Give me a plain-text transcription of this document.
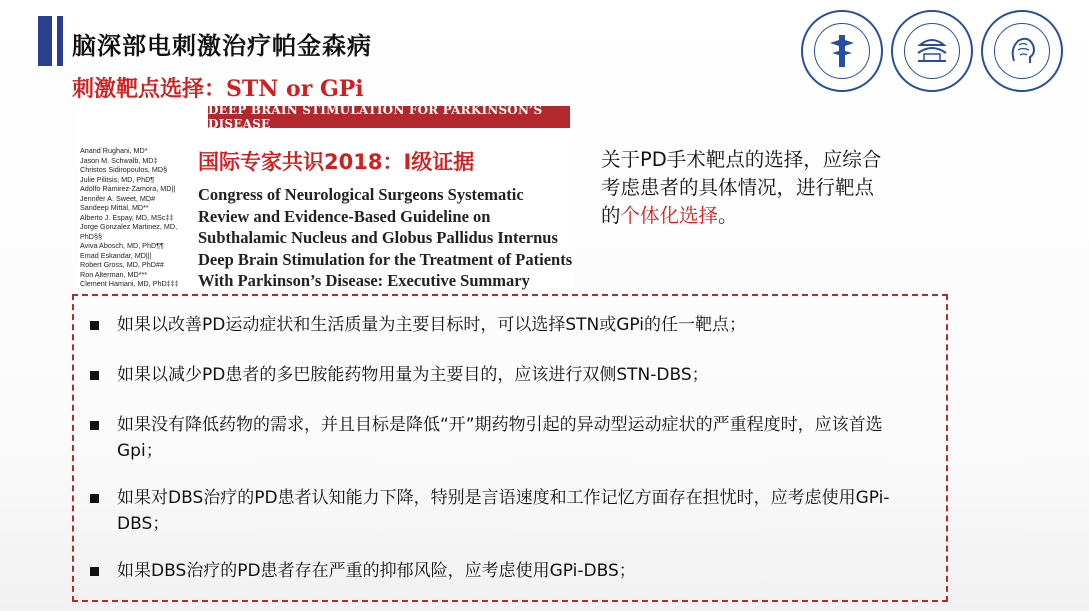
脑深部电刺激治疗帕金森病
刺激靶点选择：STN or GPi
DEEP BRAIN STIMULATION FOR PARKINSON’S DISEASE
Anand Rughani, MD*
Jason M. Schwalb, MD‡
Christos Sidiropoulos, MD§
Julie Pilitsis, MD, PhD¶
Adolfo Ramirez-Zamora, MD||
Jennifer A. Sweet, MD#
Sandeep Mittal, MD**
Alberto J. Espay, MD, MSc‡‡
Jorge Gonzalez Martinez, MD,
PhD§§
Aviva Abosch, MD, PhD¶¶
Emad Eskandar, MD|||
Robert Gross, MD, PhD##
Ron Alterman, MD***
Clement Hamani, MD, PhD‡‡‡
国际专家共识2018：I级证据
Congress of Neurological Surgeons Systematic
Review and Evidence-Based Guideline on
Subthalamic Nucleus and Globus Pallidus Internus
Deep Brain Stimulation for the Treatment of Patients
With Parkinson’s Disease: Executive Summary
关于PD手术靶点的选择，应综合
考虑患者的具体情况，进行靶点
的个体化选择。
如果以改善PD运动症状和生活质量为主要目标时，可以选择STN或GPi的任一靶点；
如果以减少PD患者的多巴胺能药物用量为主要目的，应该进行双侧STN-DBS；
如果没有降低药物的需求，并且目标是降低“开”期药物引起的异动型运动症状的严重程度时，应该首选Gpi；
如果对DBS治疗的PD患者认知能力下降，特别是言语速度和工作记忆方面存在担忧时，应考虑使用GPi-DBS；
如果DBS治疗的PD患者存在严重的抑郁风险，应考虑使用GPi-DBS；
